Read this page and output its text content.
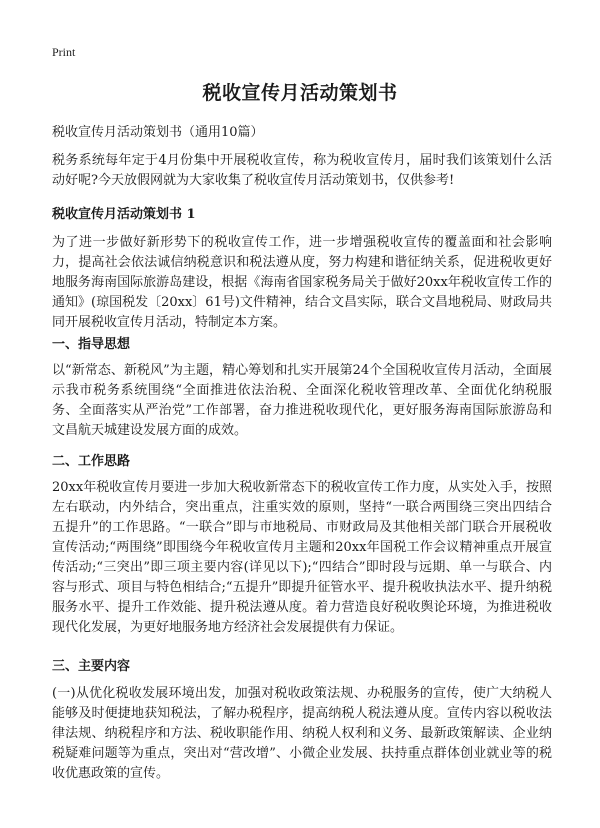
Print
税收宣传月活动策划书
税收宣传月活动策划书（通用10篇）

税务系统每年定于4月份集中开展税收宣传，称为税收宣传月，届时我们该策划什么活动好呢?今天放假网就为大家收集了税收宣传月活动策划书，仅供参考!

税收宣传月活动策划书 1

为了进一步做好新形势下的税收宣传工作，进一步增强税收宣传的覆盖面和社会影响力，提高社会依法诚信纳税意识和税法遵从度，努力构建和谐征纳关系，促进税收更好地服务海南国际旅游岛建设，根据《海南省国家税务局关于做好20xx年税收宣传工作的通知》(琼国税发〔20xx〕61号)文件精神，结合文昌实际，联合文昌地税局、财政局共同开展税收宣传月活动，特制定本方案。

一、指导思想

以“新常态、新税风”为主题，精心筹划和扎实开展第24个全国税收宣传月活动，全面展示我市税务系统围绕“全面推进依法治税、全面深化税收管理改革、全面优化纳税服务、全面落实从严治党”工作部署，奋力推进税收现代化，更好服务海南国际旅游岛和文昌航天城建设发展方面的成效。

二、工作思路

20xx年税收宣传月要进一步加大税收新常态下的税收宣传工作力度，从实处入手，按照左右联动，内外结合，突出重点，注重实效的原则，坚持“一联合两围绕三突出四结合五提升”的工作思路。“一联合”即与市地税局、市财政局及其他相关部门联合开展税收宣传活动;“两围绕”即围绕今年税收宣传月主题和20xx年国税工作会议精神重点开展宣传活动;“三突出”即三项主要内容(详见以下);“四结合”即时段与远期、单一与联合、内容与形式、项目与特色相结合;“五提升”即提升征管水平、提升税收执法水平、提升纳税服务水平、提升工作效能、提升税法遵从度。着力营造良好税收舆论环境，为推进税收现代化发展，为更好地服务地方经济社会发展提供有力保证。

三、主要内容

(一)从优化税收发展环境出发，加强对税收政策法规、办税服务的宣传，使广大纳税人能够及时便捷地获知税法，了解办税程序，提高纳税人税法遵从度。宣传内容以税收法律法规、纳税程序和方法、税收职能作用、纳税人权利和义务、最新政策解读、企业纳税疑难问题等为重点，突出对“营改增”、小微企业发展、扶持重点群体创业就业等的税收优惠政策的宣传。
